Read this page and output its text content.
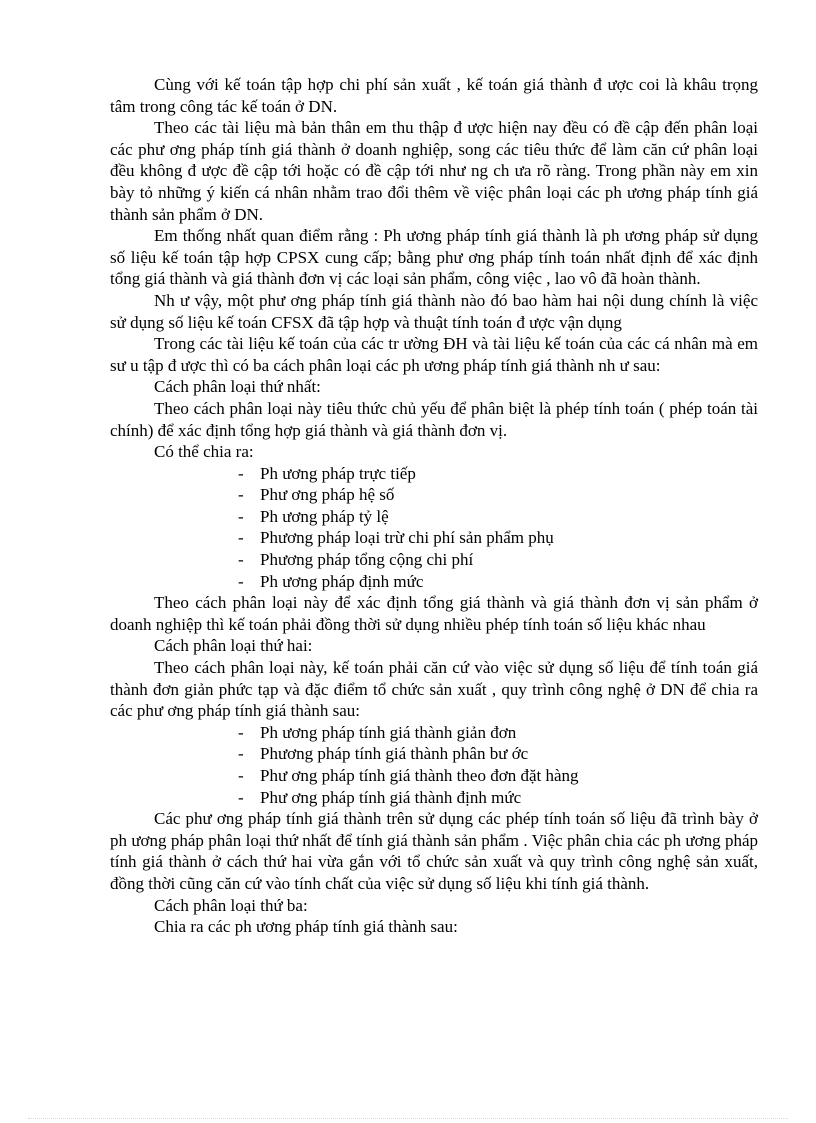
Cùng với kế toán tập hợp chi phí sản xuất , kế toán giá thành đ ược coi là khâu trọng tâm trong công tác kế toán ở DN.

Theo các tài liệu mà bản thân em thu thập đ ược hiện nay đều có đề cập đến phân loại các phư ơng pháp tính giá thành ở doanh nghiệp, song các tiêu thức để làm căn cứ phân loại đều không đ ược đề cập tới hoặc có đề cập tới như ng ch ưa rõ ràng. Trong phần này em xin bày tỏ những ý kiến cá nhân nhằm trao đổi thêm về việc phân loại các ph ương pháp tính giá thành sản phẩm ở DN.

Em thống nhất quan điểm rằng : Ph ương pháp tính giá thành là ph ương pháp sử dụng số liệu kế toán tập hợp CPSX cung cấp; bằng phư ơng pháp tính toán nhất định để xác định tổng giá thành và giá thành đơn vị các loại sản phẩm, công việc , lao vô đã hoàn thành.

Nh ư vậy, một phư ơng pháp tính giá thành nào đó bao hàm hai nội dung chính là việc sử dụng số liệu kế toán CFSX đã tập hợp và thuật tính toán đ ược vận dụng

Trong các tài liệu kế toán của các tr ường ĐH và tài liệu kế toán của các cá nhân mà em sư u tập đ ược thì có ba cách phân loại các ph ương pháp tính giá thành nh ư sau:

Cách phân loại thứ nhất:

Theo cách phân loại này tiêu thức chủ yếu để phân biệt là phép tính toán ( phép toán tài chính) để xác định tổng hợp giá thành và giá thành đơn vị.

Có thể chia ra:

- Ph ương pháp trực tiếp
- Phư ơng pháp hệ số
- Ph ương pháp tỷ lệ
- Phương pháp loại trừ chi phí sản phẩm phụ
- Phương pháp tổng cộng chi phí
- Ph ương pháp định mức

Theo cách phân loại này để xác định tổng giá thành và giá thành đơn vị sản phẩm ở doanh nghiệp thì kế toán phải đồng thời sử dụng nhiều phép tính toán số liệu khác nhau

Cách phân loại thứ hai:

Theo cách phân loại này, kế toán phải căn cứ vào việc sử dụng số liệu để tính toán giá thành đơn giản phức tạp và đặc điểm tổ chức sản xuất , quy trình công nghệ ở DN để chia ra các phư ơng pháp tính giá thành sau:

- Ph ương pháp tính giá thành giản đơn
- Phương pháp tính giá thành phân bư ớc
- Phư ơng pháp tính giá thành theo đơn đặt hàng
- Phư ơng pháp tính giá thành định mức

Các phư ơng pháp tính giá thành trên sử dụng các phép tính toán số liệu đã trình bày ở ph ương pháp phân loại thứ nhất để tính giá thành sản phẩm . Việc phân chia các ph ương pháp tính giá thành ở cách thứ hai vừa gắn với tổ chức sản xuất và quy trình công nghệ sản xuất, đồng thời cũng căn cứ vào tính chất của việc sử dụng số liệu khi tính giá thành.

Cách phân loại thứ ba:

Chia ra các ph ương pháp tính giá thành sau:
